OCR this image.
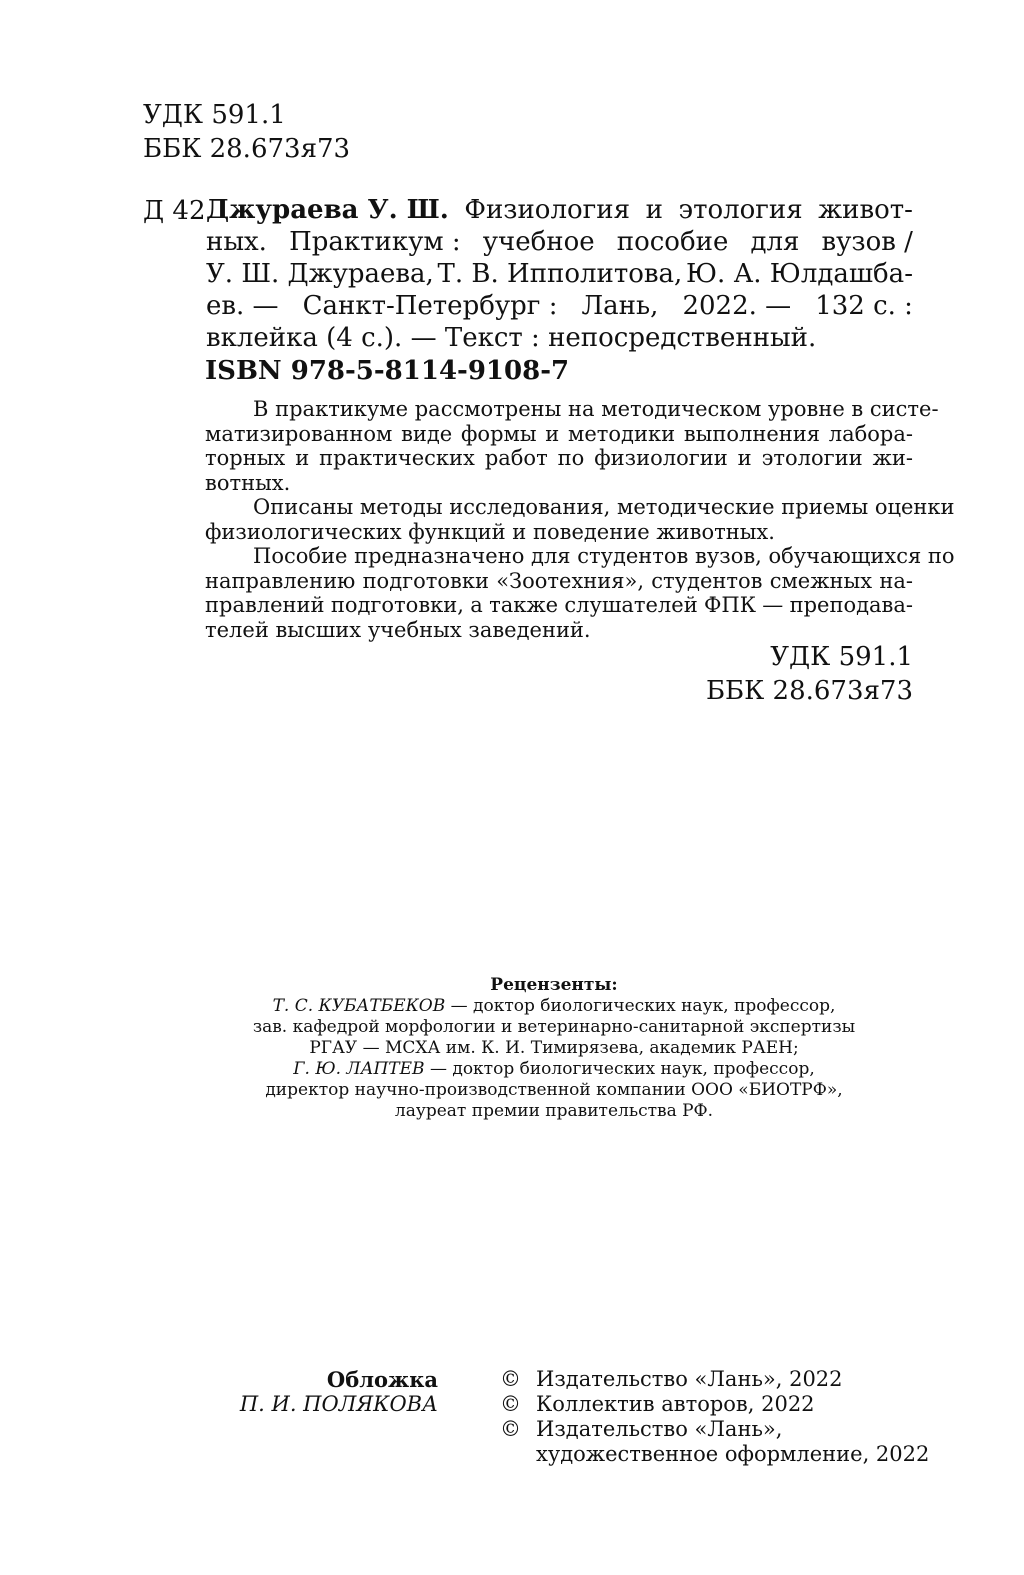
УДК 591.1
ББК 28.673я73
Д 42 Джураева У. Ш. Физиология и этология живот-
ных. Практикум : учебное пособие для вузов /
У. Ш. Джураева, Т. В. Ипполитова, Ю. А. Юлдашба-
ев. — Санкт-Петербург : Лань, 2022. — 132 с. :
вклейка (4 с.). — Текст : непосредственный.
ISBN 978-5-8114-9108-7
В практикуме рассмотрены на методическом уровне в систе-
матизированном виде формы и методики выполнения лабора-
торных и практических работ по физиологии и этологии жи-
вотных.
Описаны методы исследования, методические приемы оценки
физиологических функций и поведение животных.
Пособие предназначено для студентов вузов, обучающихся по
направлению подготовки «Зоотехния», студентов смежных на-
правлений подготовки, а также слушателей ФПК — преподава-
телей высших учебных заведений.
УДК 591.1
ББК 28.673я73
Рецензенты:
Т. С. КУБАТБЕКОВ — доктор биологических наук, профессор,
зав. кафедрой морфологии и ветеринарно-санитарной экспертизы
РГАУ — МСХА им. К. И. Тимирязева, академик РАЕН;
Г. Ю. ЛАПТЕВ — доктор биологических наук, профессор,
директор научно-производственной компании ООО «БИОТРФ»,
лауреат премии правительства РФ.
Обложка
П. И. ПОЛЯКОВА
© Издательство «Лань», 2022
© Коллектив авторов, 2022
© Издательство «Лань»,
художественное оформление, 2022
